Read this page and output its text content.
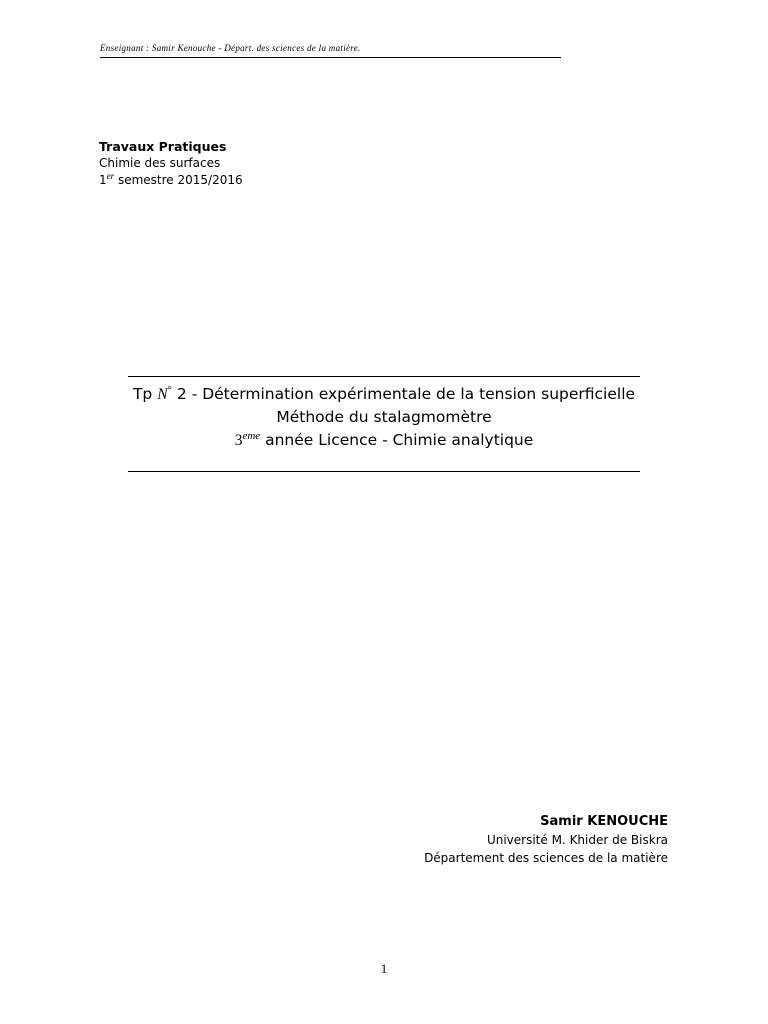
Enseignant : Samir Kenouche - Départ. des sciences de la matière.
Travaux Pratiques
Chimie des surfaces
1er semestre 2015/2016
Tp N° 2 - Détermination expérimentale de la tension superficielle
Méthode du stalagmomètre
3eme année Licence - Chimie analytique
Samir KENOUCHE
Université M. Khider de Biskra
Département des sciences de la matière
1
